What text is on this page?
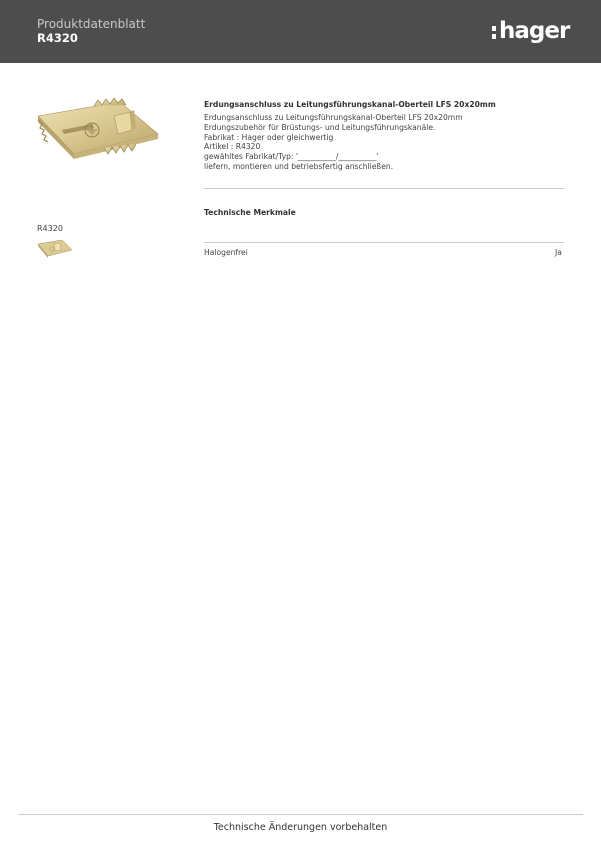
Produktdatenblatt
R4320	hager
R4320
Erdungsanschluss zu Leitungsführungskanal-Oberteil LFS 20x20mm
Erdungsanschluss zu Leitungsführungskanal-Oberteil LFS 20x20mm
Erdungszubehör für Brüstungs- und Leitungsführungskanäle.
Fabrikat : Hager oder gleichwertig
Artikel : R4320
gewähltes Fabrikat/Typ: '__________/__________'
liefern, montieren und betriebsfertig anschließen.
Technische Merkmale
Halogenfrei	Ja
Technische Änderungen vorbehalten
